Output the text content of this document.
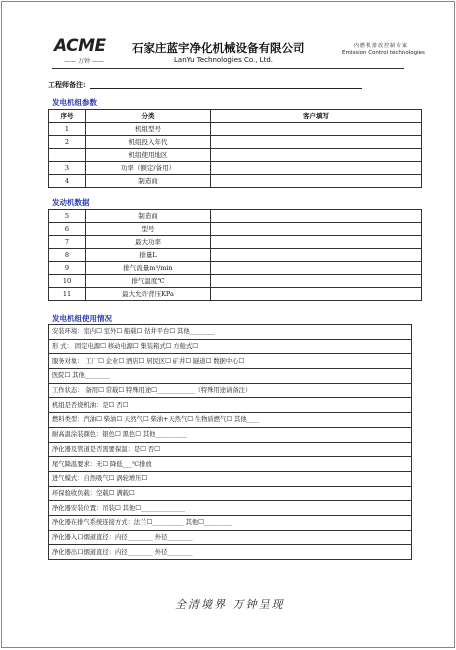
ACME
—— 万钟 ——
石家庄蓝宇净化机械设备有限公司
LanYu Technologies Co., Ltd.
内燃机排放控制专家
Emission Control technologies
工程师备注:
发电机组参数
序号	分类	客户填写
1	机组型号	
2	机组投入年代	
	机组使用地区	
3	功率（额定/备用）	
4	制造商	
发动机数据
5	制造商	
6	型号	
7	最大功率	
8	排量L	
9	排气流量m³/min	
10	排气温度℃	
11	最大允许背压KPa	
发电机组使用情况
安装环境：室内☐ 室外☐ 船载☐ 钻井平台☐ 其他________
形 式： 固定电源☐ 移动电源☐ 集装箱式☐ 方舱式☐
服务对象： 工厂☐ 企业☐ 酒店☐ 居民区☐ 矿井☐ 隧道☐ 数据中心☐
医院☐ 其他________
工作状态： 备用☐ 常载☐ 特殊用途☐____________（特殊用途请备注）
机组是否烧机油：是☐ 否☐
燃料类型：汽油☐ 柴油☐ 天然气☐ 柴油+天然气☐ 生物质燃气☐ 其他____
耐高温涂装颜色：银色☐ 黑色☐ 其他__________
净化器及管道是否需要保温：是☐ 否☐
尾气降温要求：无☐ 降低___℃排放
进气模式：自然吸气☐ 涡轮增压☐
环保验收负载：空载☐ 满载☐
净化器安装位置：吊装☐ 其他☐______________
净化器在排气系统连接方式：法兰☐__________ 其他☐_________
净化器入口烟道直径：内径________ 外径________
净化器出口烟道直径：内径________ 外径________
全清境界 万钟呈现
